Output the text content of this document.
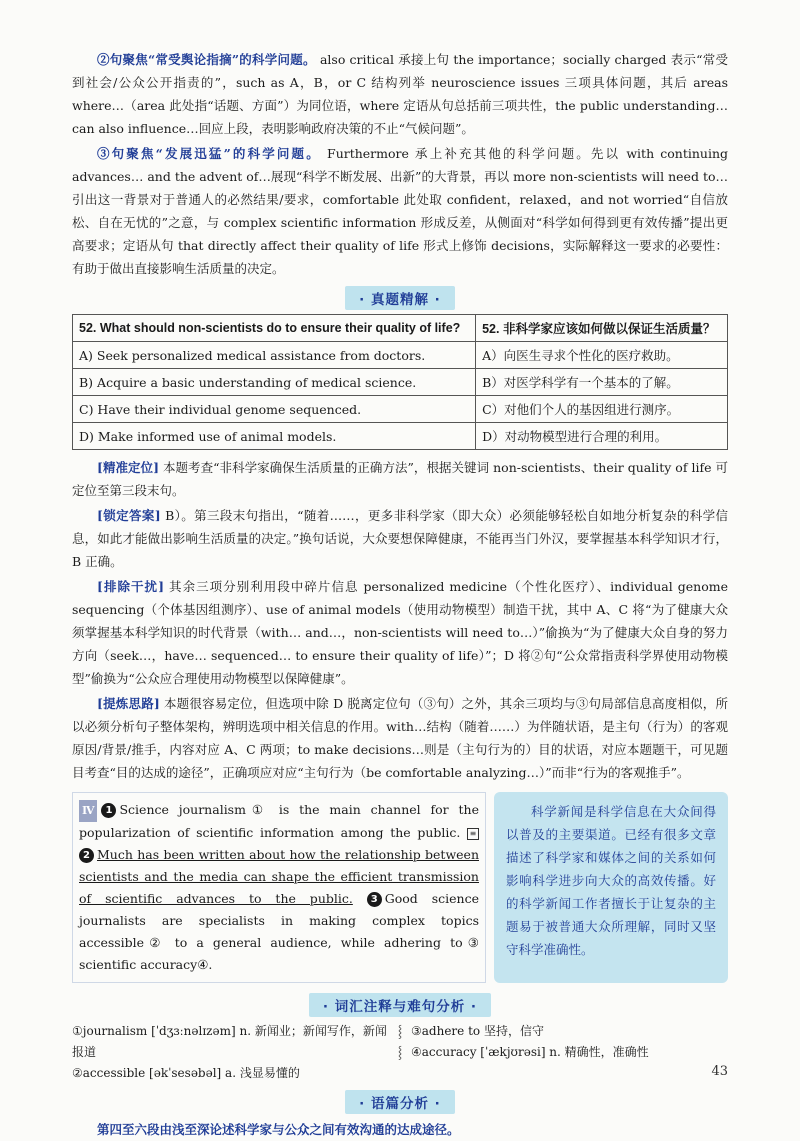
②句聚焦“常受舆论指摘”的科学问题。 also critical 承接上句 the importance；socially charged 表示“常受到社会/公众公开指责的”，such as A，B，or C 结构列举 neuroscience issues 三项具体问题，其后 areas where…（area 此处指“话题、方面”）为同位语，where 定语从句总括前三项共性，the public understanding… can also influence…回应上段，表明影响政府决策的不止“气候问题”。

③句聚焦“发展迅猛”的科学问题。 Furthermore 承上补充其他的科学问题。先以 with continuing advances… and the advent of…展现“科学不断发展、出新”的大背景，再以 more non-scientists will need to…引出这一背景对于普通人的必然结果/要求，comfortable 此处取 confident，relaxed，and not worried“自信放松、自在无忧的”之意，与 complex scientific information 形成反差，从侧面对“科学如何得到更有效传播”提出更高要求；定语从句 that directly affect their quality of life 形式上修饰 decisions，实际解释这一要求的必要性：有助于做出直接影响生活质量的决定。

· 真题精解 ·
52. What should non-scientists do to ensure their quality of life?	52. 非科学家应该如何做以保证生活质量？
A) Seek personalized medical assistance from doctors.	A）向医生寻求个性化的医疗救助。
B) Acquire a basic understanding of medical science.	B）对医学科学有一个基本的了解。
C) Have their individual genome sequenced.	C）对他们个人的基因组进行测序。
D) Make informed use of animal models.	D）对动物模型进行合理的利用。

[精准定位] 本题考查“非科学家确保生活质量的正确方法”，根据关键词 non-scientists、their quality of life 可定位至第三段末句。

[锁定答案] B）。第三段末句指出，“随着……，更多非科学家（即大众）必须能够轻松自如地分析复杂的科学信息，如此才能做出影响生活质量的决定。”换句话说，大众要想保障健康，不能再当门外汉，要掌握基本科学知识才行，B 正确。

[排除干扰] 其余三项分别利用段中碎片信息 personalized medicine（个性化医疗）、individual genome sequencing（个体基因组测序）、use of animal models（使用动物模型）制造干扰，其中 A、C 将“为了健康大众须掌握基本科学知识的时代背景（with… and…，non-scientists will need to…）”偷换为“为了健康大众自身的努力方向（seek…，have… sequenced… to ensure their quality of life）”；D 将②句“公众常指责科学界使用动物模型”偷换为“公众应合理使用动物模型以保障健康”。

[提炼思路] 本题很容易定位，但选项中除 D 脱离定位句（③句）之外，其余三项均与③句局部信息高度相似，所以必须分析句子整体架构，辨明选项中相关信息的作用。with…结构（随着……）为伴随状语，是主句（行为）的客观原因/背景/推手，内容对应 A、C 两项；to make decisions…则是（主句行为的）目的状语，对应本题题干，可见题目考查“目的达成的途径”，正确项应对应“主句行为（be comfortable analyzing…）”而非“行为的客观推手”。

Ⅳ 1 Science journalism① is the main channel for the popularization of scientific information among the public. ≡ 2 Much has been written about how the relationship between scientists and the media can shape the efficient transmission of scientific advances to the public. 3 Good science journalists are specialists in making complex topics accessible② to a general audience, while adhering to③ scientific accuracy④.
科学新闻是科学信息在大众间得以普及的主要渠道。已经有很多文章描述了科学家和媒体之间的关系如何影响科学进步向大众的高效传播。好的科学新闻工作者擅长于让复杂的主题易于被普通大众所理解，同时又坚守科学准确性。
· 词汇注释与难句分析 ·
①journalism [ˈdʒɜːnəlɪzəm] n. 新闻业；新闻写作，新闻报道
②accessible [əkˈsesəbəl] a. 浅显易懂的
⸾
⸾
③adhere to 坚持，信守
④accuracy [ˈækjʊrəsi] n. 精确性，准确性
· 语篇分析 ·

第四至六段由浅至深论述科学家与公众之间有效沟通的达成途径。

43
